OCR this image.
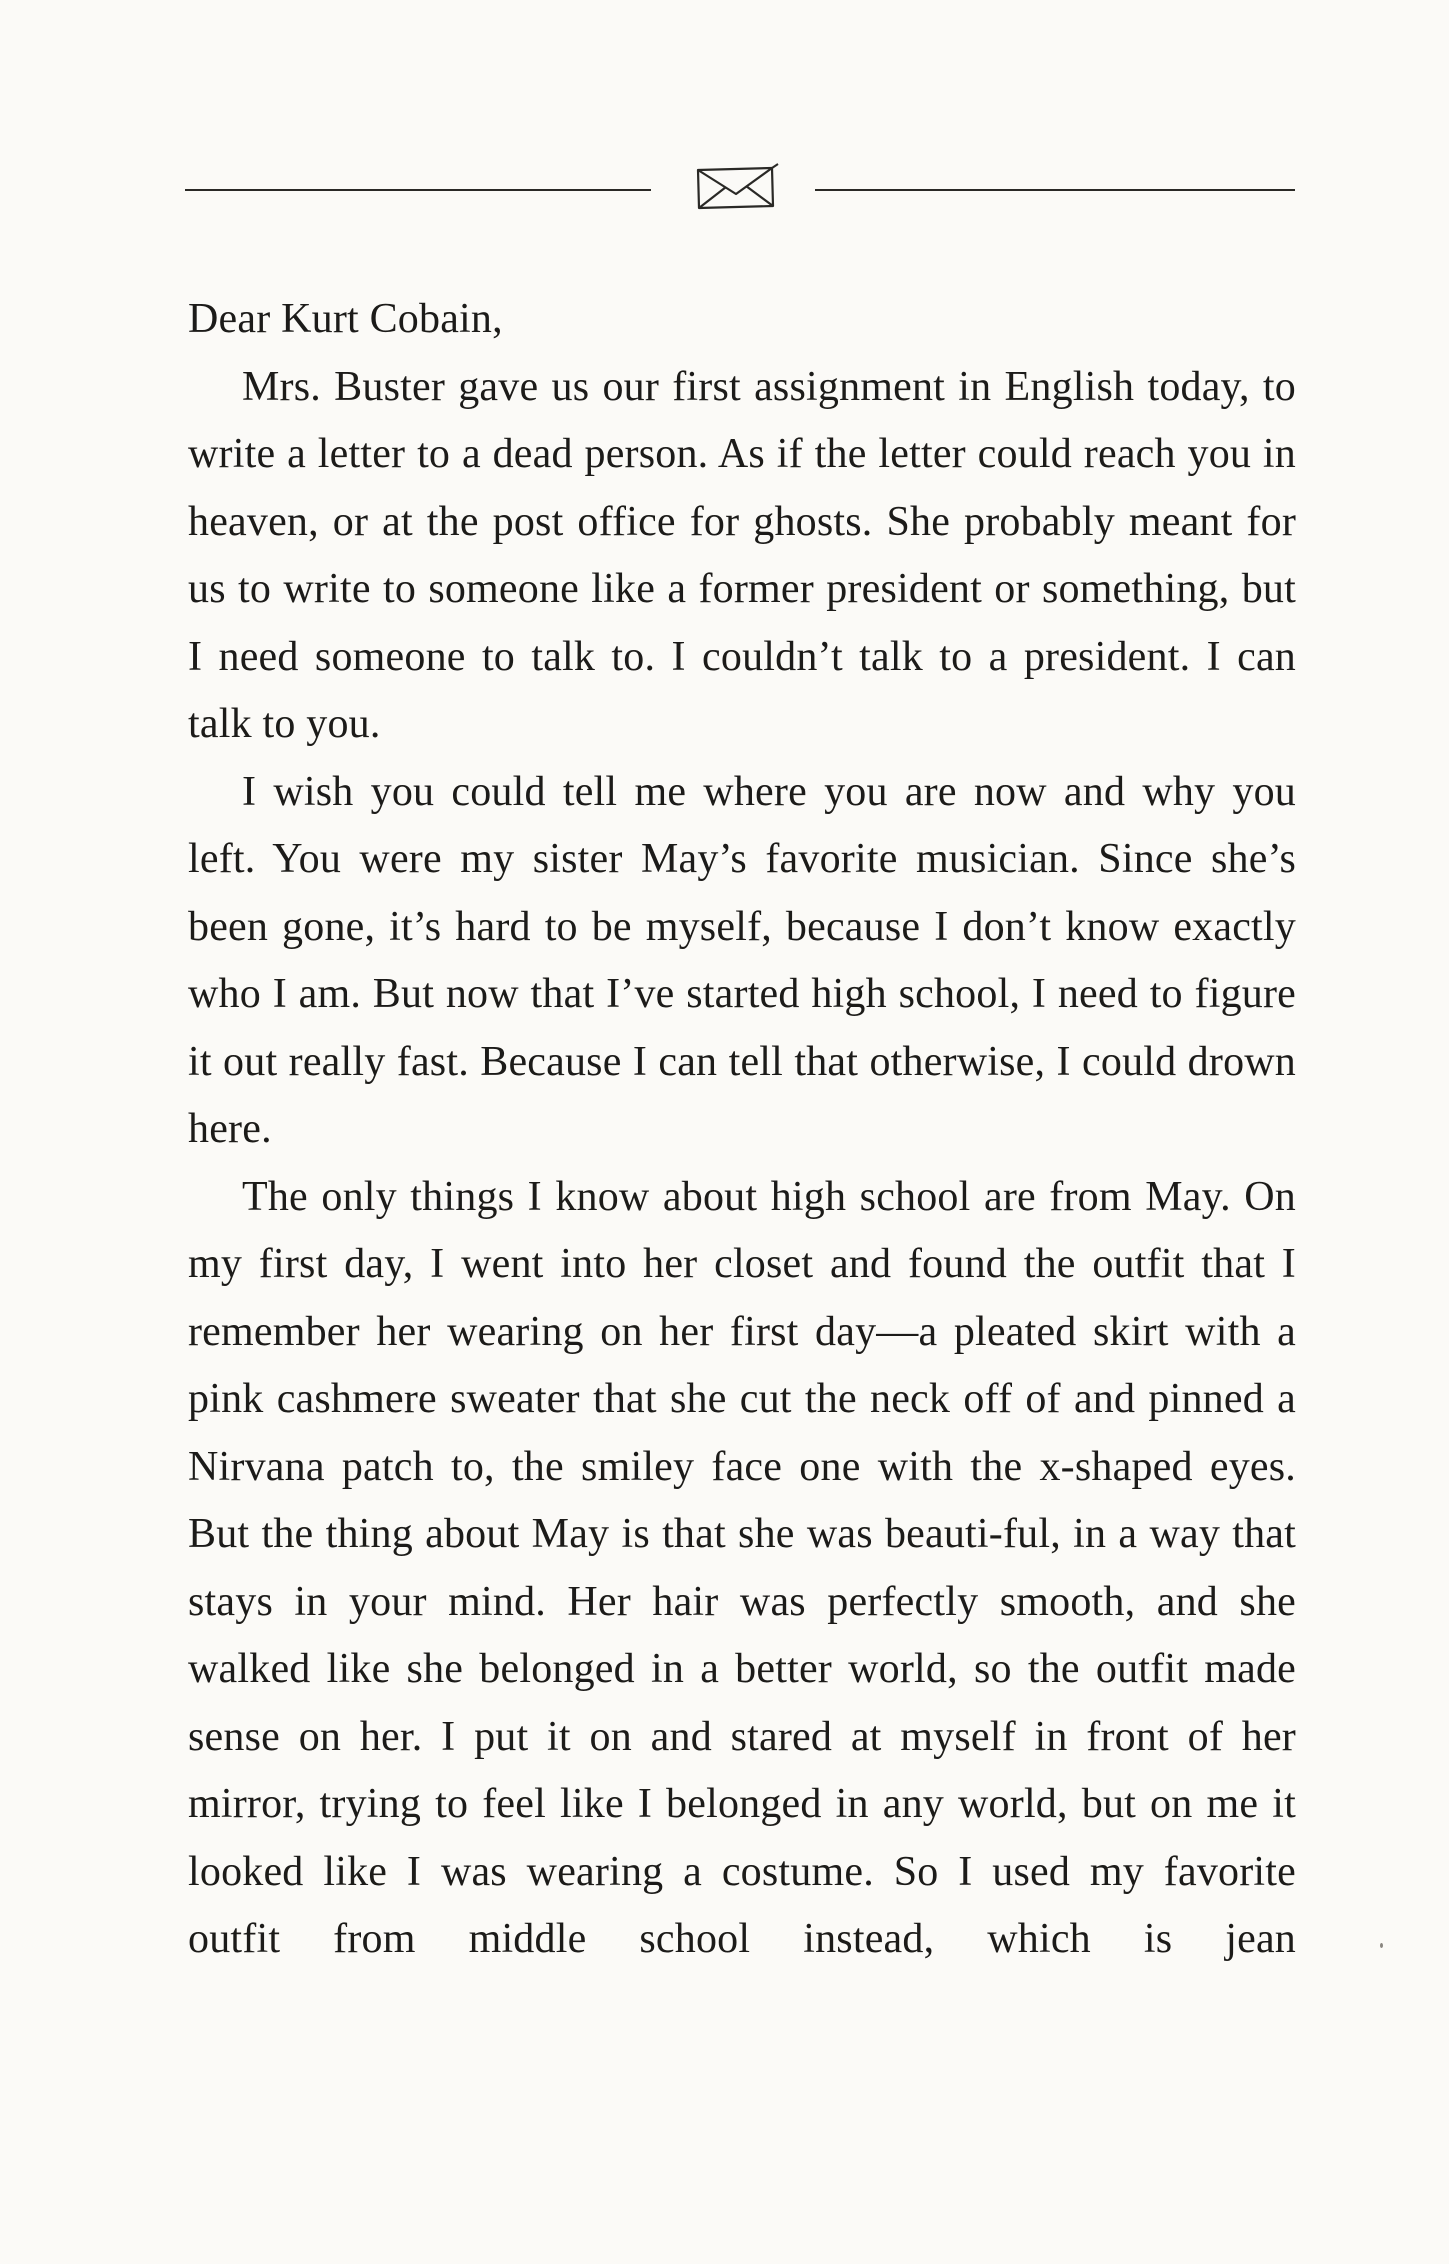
Dear Kurt Cobain,

Mrs. Buster gave us our first assignment in English today, to write a letter to a dead person. As if the letter could reach you in heaven, or at the post office for ghosts. She probably meant for us to write to someone like a former president or something, but I need someone to talk to. I couldn’t talk to a president. I can talk to you.

I wish you could tell me where you are now and why you left. You were my sister May’s favorite musician. Since she’s been gone, it’s hard to be myself, because I don’t know exactly who I am. But now that I’ve started high school, I need to figure it out really fast. Because I can tell that otherwise, I could drown here.

The only things I know about high school are from May. On my first day, I went into her closet and found the outfit that I remember her wearing on her first day—a pleated skirt with a pink cashmere sweater that she cut the neck off of and pinned a Nirvana patch to, the smiley face one with the x-shaped eyes. But the thing about May is that she was beauti-ful, in a way that stays in your mind. Her hair was perfectly smooth, and she walked like she belonged in a better world, so the outfit made sense on her. I put it on and stared at myself in front of her mirror, trying to feel like I belonged in any world, but on me it looked like I was wearing a costume. So I used my favorite outfit from middle school instead, which is jean
